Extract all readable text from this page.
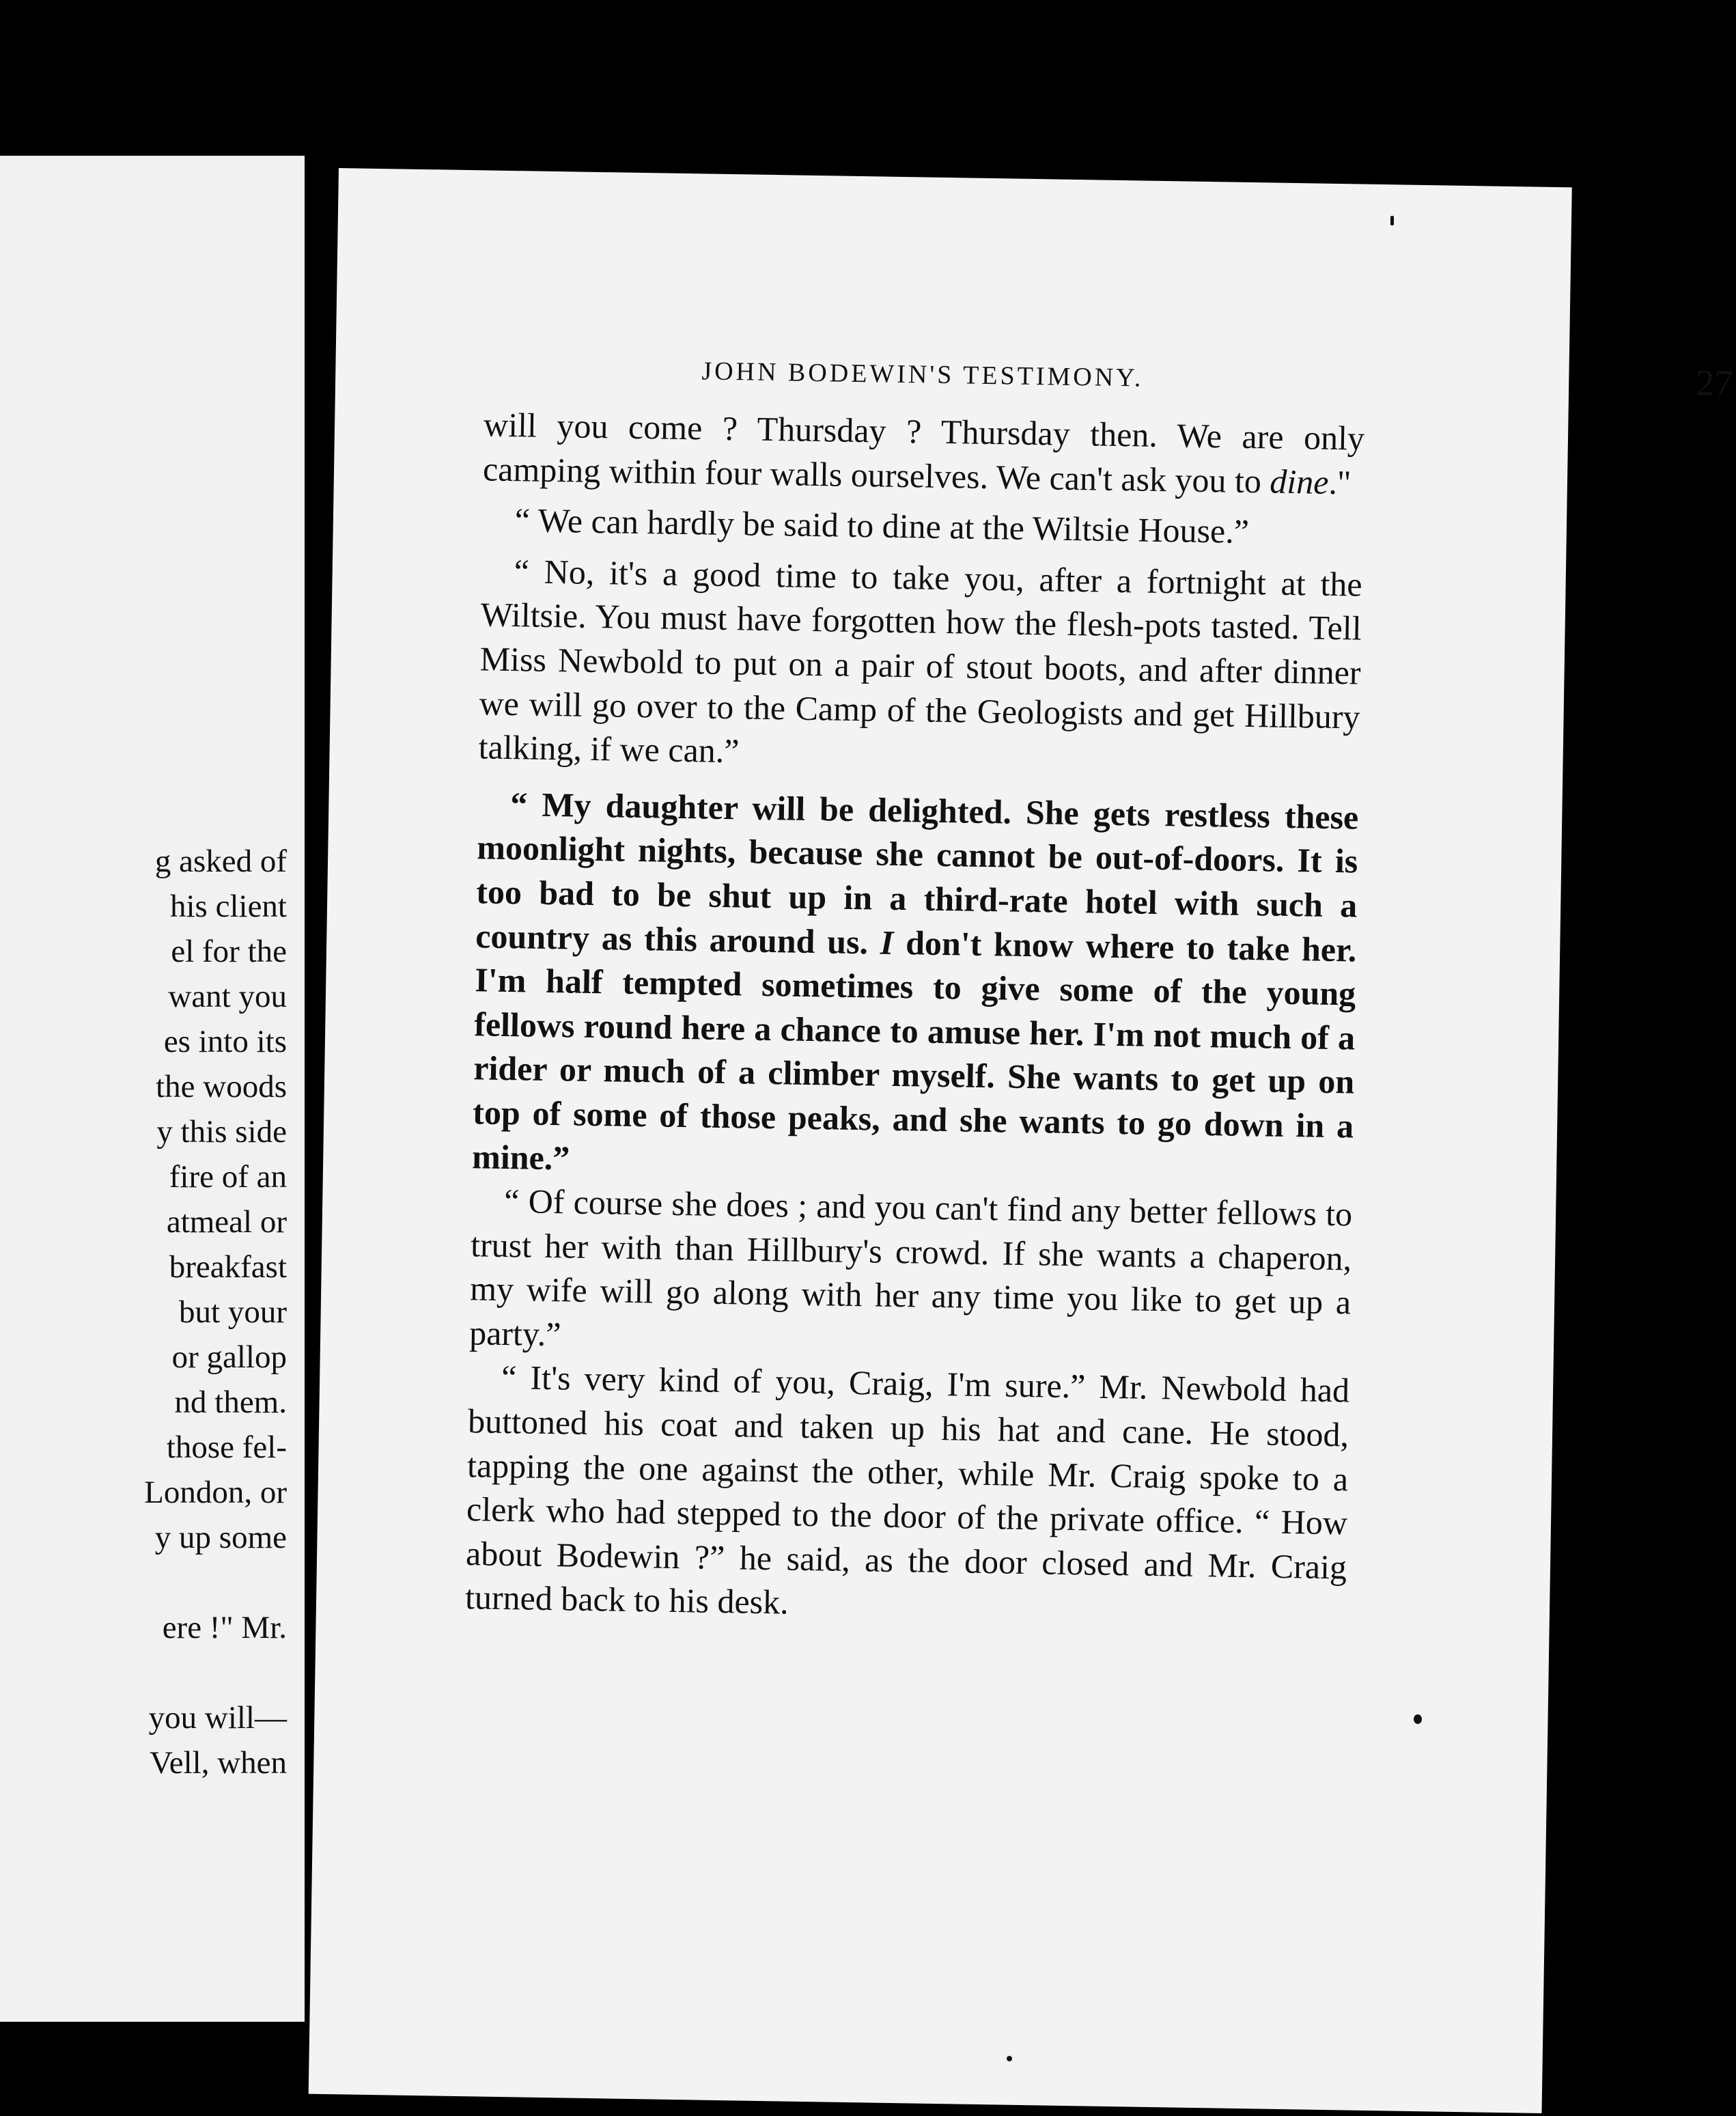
g asked of
his client
el for the
want you
es into its
the woods
y this side
fire of an
atmeal or
breakfast
but your
or gallop
nd them.
those fel-
London, or
y up some
ere !" Mr.
you will—
Vell, when
JOHN BODEWIN'S TESTIMONY.	27

will you come ? Thursday ? Thursday then. We are only camping within four walls ourselves. We can't ask you to dine."

“ We can hardly be said to dine at the Wiltsie House.”

“ No, it's a good time to take you, after a fortnight at the Wiltsie. You must have forgotten how the flesh-pots tasted. Tell Miss Newbold to put on a pair of stout boots, and after dinner we will go over to the Camp of the Geologists and get Hillbury talking, if we can.”

“ My daughter will be delighted. She gets restless these moonlight nights, because she cannot be out-of-doors. It is too bad to be shut up in a third-rate hotel with such a country as this around us. I don't know where to take her. I'm half tempted sometimes to give some of the young fellows round here a chance to amuse her. I'm not much of a rider or much of a climber myself. She wants to get up on top of some of those peaks, and she wants to go down in a mine.”

“ Of course she does ; and you can't find any better fellows to trust her with than Hillbury's crowd. If she wants a chaperon, my wife will go along with her any time you like to get up a party.”

“ It's very kind of you, Craig, I'm sure.” Mr. Newbold had buttoned his coat and taken up his hat and cane. He stood, tapping the one against the other, while Mr. Craig spoke to a clerk who had stepped to the door of the private office. “ How about Bodewin ?” he said, as the door closed and Mr. Craig turned back to his desk.
